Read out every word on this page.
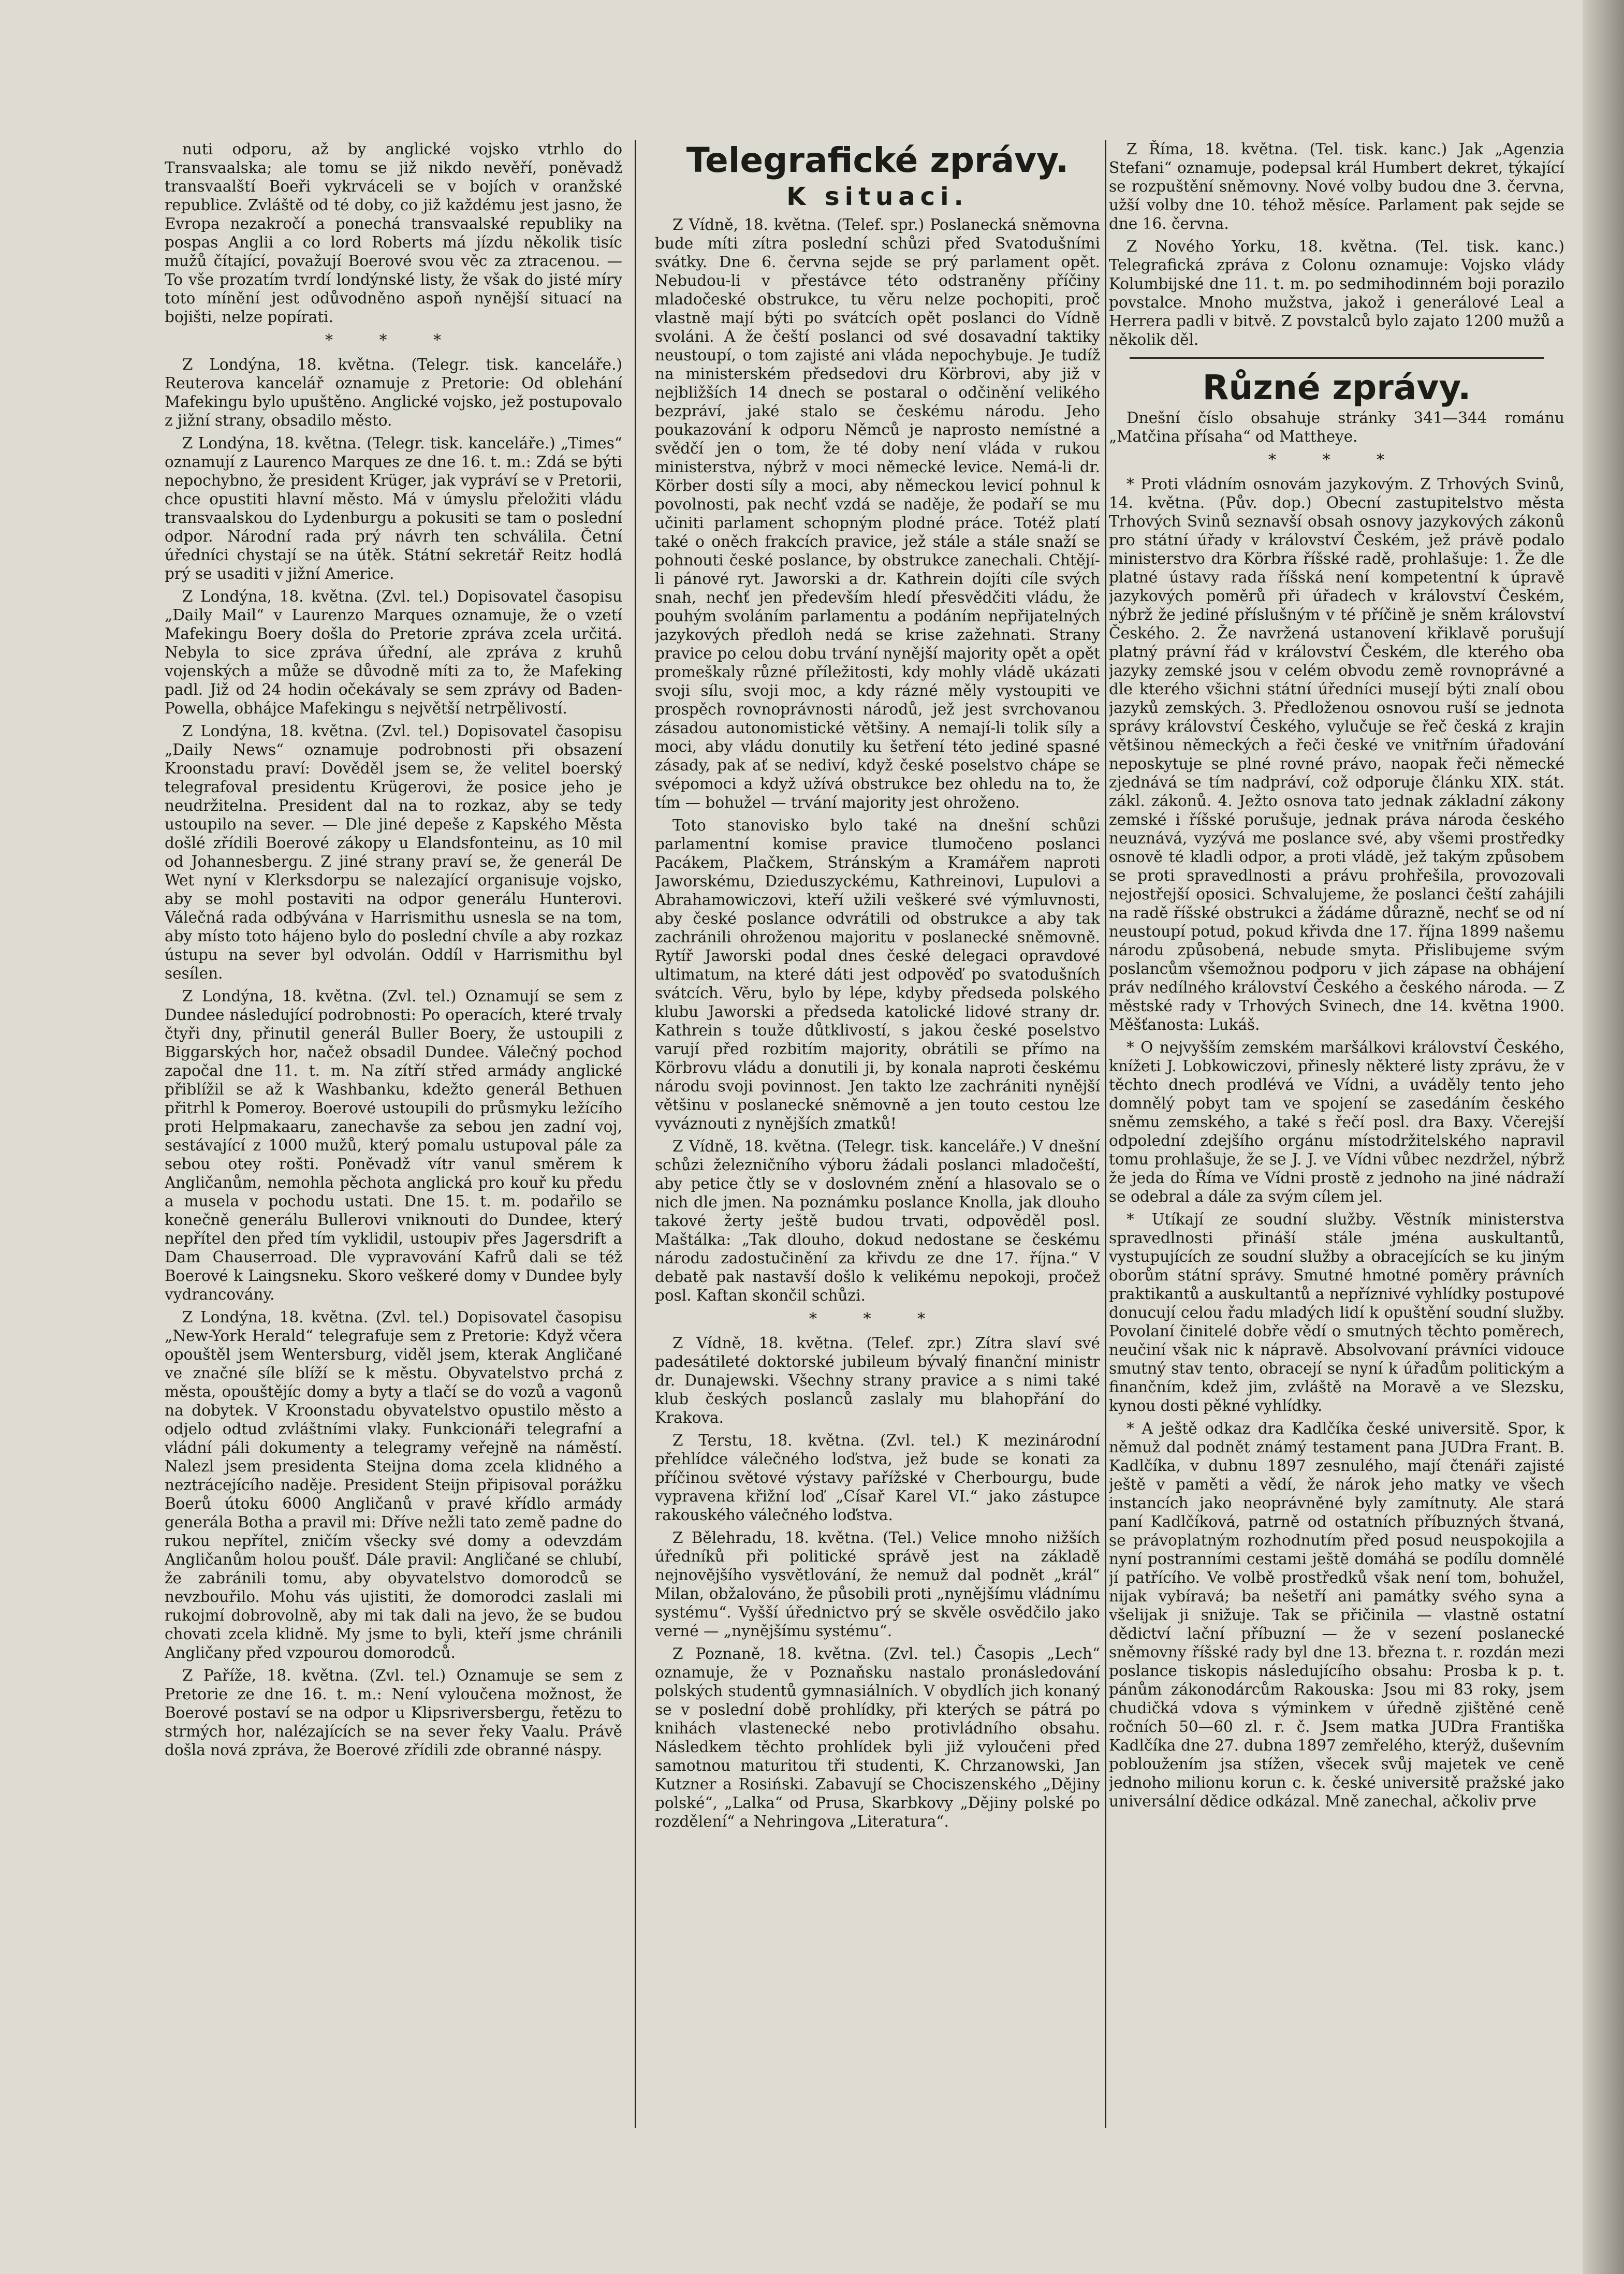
nuti odporu, až by anglické vojsko vtrhlo do Transvaalska; ale tomu se již nikdo nevěří, poněvadž transvaalští Boeři vykrváceli se v bojích v oranžské republice. Zvláště od té doby, co již každému jest jasno, že Evropa nezakročí a ponechá transvaalské republiky na pospas Anglii a co lord Roberts má jízdu několik tisíc mužů čítající, považují Boerové svou věc za ztracenou. — To vše prozatím tvrdí londýnské listy, že však do jisté míry toto mínění jest odůvodněno aspoň nynější situací na bojišti, nelze popírati.

* * *

Z Londýna, 18. května. (Telegr. tisk. kanceláře.) Reuterova kancelář oznamuje z Pretorie: Od oblehání Mafekingu bylo upuštěno. Anglické vojsko, jež postupovalo z jižní strany, obsadilo město.

Z Londýna, 18. května. (Telegr. tisk. kanceláře.) „Times“ oznamují z Laurenco Marques ze dne 16. t. m.: Zdá se býti nepochybno, že president Krüger, jak vypráví se v Pretorii, chce opustiti hlavní město. Má v úmyslu přeložiti vládu transvaalskou do Lydenburgu a pokusiti se tam o poslední odpor. Národní rada prý návrh ten schválila. Četní úředníci chystají se na útěk. Státní sekretář Reitz hodlá prý se usaditi v jižní Americe.

Z Londýna, 18. května. (Zvl. tel.) Dopisovatel časopisu „Daily Mail“ v Laurenzo Marques oznamuje, že o vzetí Mafekingu Boery došla do Pretorie zpráva zcela určitá. Nebyla to sice zpráva úřední, ale zpráva z kruhů vojenských a může se důvodně míti za to, že Mafeking padl. Již od 24 hodin očekávaly se sem zprávy od Baden-Powella, obhájce Mafekingu s největší netrpělivostí.

Z Londýna, 18. května. (Zvl. tel.) Dopisovatel časopisu „Daily News“ oznamuje podrobnosti při obsazení Kroonstadu praví: Dověděl jsem se, že velitel boerský telegrafoval presidentu Krügerovi, že posice jeho je neudržitelna. President dal na to rozkaz, aby se tedy ustoupilo na sever. — Dle jiné depeše z Kapského Města došlé zřídili Boerové zákopy u Elandsfonteinu, as 10 mil od Johannesbergu. Z jiné strany praví se, že generál De Wet nyní v Klerksdorpu se nalezající organisuje vojsko, aby se mohl postaviti na odpor generálu Hunterovi. Válečná rada odbývána v Harrismithu usnesla se na tom, aby místo toto hájeno bylo do poslední chvíle a aby rozkaz ústupu na sever byl odvolán. Oddíl v Harrismithu byl sesílen.

Z Londýna, 18. května. (Zvl. tel.) Oznamují se sem z Dundee následující podrobnosti: Po operacích, které trvaly čtyři dny, přinutil generál Buller Boery, že ustoupili z Biggarských hor, načež obsadil Dundee. Válečný pochod započal dne 11. t. m. Na zítří střed armády anglické přiblížil se až k Washbanku, kdežto generál Bethuen přitrhl k Pomeroy. Boerové ustoupili do průsmyku ležícího proti Helpmakaaru, zanechavše za sebou jen zadní voj, sestávající z 1000 mužů, který pomalu ustupoval pále za sebou otey rošti. Poněvadž vítr vanul směrem k Angličanům, nemohla pěchota anglická pro kouř ku předu a musela v pochodu ustati. Dne 15. t. m. podařilo se konečně generálu Bullerovi vniknouti do Dundee, který nepřítel den před tím vyklidil, ustoupiv přes Jagersdrift a Dam Chauserroad. Dle vypravování Kafrů dali se též Boerové k Laingsneku. Skoro veškeré domy v Dundee byly vydrancovány.

Z Londýna, 18. května. (Zvl. tel.) Dopisovatel časopisu „New-York Herald“ telegrafuje sem z Pretorie: Když včera opouštěl jsem Wentersburg, viděl jsem, kterak Angličané ve značné síle blíží se k městu. Obyvatelstvo prchá z města, opouštějíc domy a byty a tlačí se do vozů a vagonů na dobytek. V Kroonstadu obyvatelstvo opustilo město a odjelo odtud zvláštními vlaky. Funkcionáři telegrafní a vládní páli dokumenty a telegramy veřejně na náměstí. Nalezl jsem presidenta Steijna doma zcela klidného a neztrácejícího naděje. President Steijn připisoval porážku Boerů útoku 6000 Angličanů v pravé křídlo armády generála Botha a pravil mi: Dříve nežli tato země padne do rukou nepřítel, zničím všecky své domy a odevzdám Angličanům holou poušť. Dále pravil: Angličané se chlubí, že zabránili tomu, aby obyvatelstvo domorodců se nevzbouřilo. Mohu vás ujistiti, že domorodci zaslali mi rukojmí dobrovolně, aby mi tak dali na jevo, že se budou chovati zcela klidně. My jsme to byli, kteří jsme chránili Angličany před vzpourou domorodců.

Z Paříže, 18. května. (Zvl. tel.) Oznamuje se sem z Pretorie ze dne 16. t. m.: Není vyloučena možnost, že Boerové postaví se na odpor u Klipsriversbergu, řetězu to strmých hor, nalézajících se na sever řeky Vaalu. Právě došla nová zpráva, že Boerové zřídili zde obranné náspy.

Telegrafické zprávy.
K situaci.

Z Vídně, 18. května. (Telef. spr.) Poslanecká sněmovna bude míti zítra poslední schůzi před Svatodušními svátky. Dne 6. června sejde se prý parlament opět. Nebudou-li v přestávce této odstraněny příčiny mladočeské obstrukce, tu věru nelze pochopiti, proč vlastně mají býti po svátcích opět poslanci do Vídně svoláni. A že čeští poslanci od své dosavadní taktiky neustoupí, o tom zajisté ani vláda nepochybuje. Je tudíž na ministerském předsedovi dru Körbrovi, aby již v nejbližších 14 dnech se postaral o odčinění velikého bezpráví, jaké stalo se českému národu. Jeho poukazování k odporu Němců je naprosto nemístné a svědčí jen o tom, že té doby není vláda v rukou ministerstva, nýbrž v moci německé levice. Nemá-li dr. Körber dosti síly a moci, aby německou levicí pohnul k povolnosti, pak nechť vzdá se naděje, že podaří se mu učiniti parlament schopným plodné práce. Totéž platí také o oněch frakcích pravice, jež stále a stále snaží se pohnouti české poslance, by obstrukce zanechali. Chtějí-li pánové ryt. Jaworski a dr. Kathrein dojíti cíle svých snah, nechť jen především hledí přesvědčiti vládu, že pouhým svoláním parlamentu a podáním nepřijatelných jazykových předloh nedá se krise zažehnati. Strany pravice po celou dobu trvání nynější majority opět a opět promeškaly různé příležitosti, kdy mohly vládě ukázati svoji sílu, svoji moc, a kdy rázné měly vystoupiti ve prospěch rovnoprávnosti národů, jež jest svrchovanou zásadou autonomistické většiny. A nemají-li tolik síly a moci, aby vládu donutily ku šetření této jediné spasné zásady, pak ať se nediví, když české poselstvo chápe se svépomoci a když užívá obstrukce bez ohledu na to, že tím — bohužel — trvání majority jest ohroženo.

Toto stanovisko bylo také na dnešní schůzi parlamentní komise pravice tlumočeno poslanci Pacákem, Plačkem, Stránským a Kramářem naproti Jaworskému, Dzieduszyckému, Kathreinovi, Lupulovi a Abrahamowiczovi, kteří užili veškeré své výmluvnosti, aby české poslance odvrátili od obstrukce a aby tak zachránili ohroženou majoritu v poslanecké sněmovně. Rytíř Jaworski podal dnes české delegaci opravdové ultimatum, na které dáti jest odpověď po svatodušních svátcích. Věru, bylo by lépe, kdyby předseda polského klubu Jaworski a předseda katolické lidové strany dr. Kathrein s touže důtklivostí, s jakou české poselstvo varují před rozbitím majority, obrátili se přímo na Körbrovu vládu a donutili ji, by konala naproti českému národu svoji povinnost. Jen takto lze zachrániti nynější většinu v poslanecké sněmovně a jen touto cestou lze vyváznouti z nynějších zmatků!

Z Vídně, 18. května. (Telegr. tisk. kanceláře.) V dnešní schůzi železničního výboru žádali poslanci mladočeští, aby petice čtly se v doslovném znění a hlasovalo se o nich dle jmen. Na poznámku poslance Knolla, jak dlouho takové žerty ještě budou trvati, odpověděl posl. Maštálka: „Tak dlouho, dokud nedostane se českému národu zadostučinění za křivdu ze dne 17. října.“ V debatě pak nastavší došlo k velikému nepokoji, pročež posl. Kaftan skončil schůzi.

* * *

Z Vídně, 18. května. (Telef. zpr.) Zítra slaví své padesátileté doktorské jubileum bývalý finanční ministr dr. Dunajewski. Všechny strany pravice a s nimi také klub českých poslanců zaslaly mu blahopřání do Krakova.

Z Terstu, 18. května. (Zvl. tel.) K mezinárodní přehlídce válečného loďstva, jež bude se konati za příčinou světové výstavy pařížské v Cherbourgu, bude vypravena křižní loď „Císař Karel VI.“ jako zástupce rakouského válečného loďstva.

Z Bělehradu, 18. května. (Tel.) Velice mnoho nižších úředníků při politické správě jest na základě nejnovějšího vysvětlování, že nemuž dal podnět „král“ Milan, obžalováno, že působili proti „nynějšímu vládnímu systému“. Vyšší úřednictvo prý se skvěle osvědčilo jako verné — „nynějšímu systému“.

Z Poznaně, 18. května. (Zvl. tel.) Časopis „Lech“ oznamuje, že v Poznaňsku nastalo pronásledování polských studentů gymnasiálních. V obydlích jich konaný se v poslední době prohlídky, při kterých se pátrá po knihách vlastenecké nebo protivládního obsahu. Následkem těchto prohlídek byli již vyloučeni před samotnou maturitou tři studenti, K. Chrzanowski, Jan Kutzner a Rosiński. Zabavují se Chociszenského „Dějiny polské“, „Lalka“ od Prusa, Skarbkovy „Dějiny polské po rozdělení“ a Nehringova „Literatura“.

Z Říma, 18. května. (Tel. tisk. kanc.) Jak „Agenzia Stefani“ oznamuje, podepsal král Humbert dekret, týkající se rozpuštění sněmovny. Nové volby budou dne 3. června, užší volby dne 10. téhož měsíce. Parlament pak sejde se dne 16. června.

Z Nového Yorku, 18. května. (Tel. tisk. kanc.) Telegrafická zpráva z Colonu oznamuje: Vojsko vlády Kolumbijské dne 11. t. m. po sedmihodinném boji porazilo povstalce. Mnoho mužstva, jakož i generálové Leal a Herrera padli v bitvě. Z povstalců bylo zajato 1200 mužů a několik děl.

Různé zprávy.

Dnešní číslo obsahuje stránky 341—344 románu „Matčina přísaha“ od Mattheye.

* * *

* Proti vládním osnovám jazykovým. Z Trhových Svinů, 14. května. (Pův. dop.) Obecní zastupitelstvo města Trhových Svinů seznavší obsah osnovy jazykových zákonů pro státní úřady v království Českém, jež právě podalo ministerstvo dra Körbra říšské radě, prohlašuje: 1. Že dle platné ústavy rada říšská není kompetentní k úpravě jazykových poměrů při úřadech v království Českém, nýbrž že jediné příslušným v té příčině je sněm království Českého. 2. Že navržená ustanovení křiklavě porušují platný právní řád v království Českém, dle kterého oba jazyky zemské jsou v celém obvodu země rovnoprávné a dle kterého všichni státní úředníci musejí býti znalí obou jazyků zemských. 3. Předloženou osnovou ruší se jednota správy království Českého, vylučuje se řeč česká z krajin většinou německých a řeči české ve vnitřním úřadování neposkytuje se plné rovné právo, naopak řeči německé zjednává se tím nadpráví, což odporuje článku XIX. stát. zákl. zákonů. 4. Ježto osnova tato jednak základní zákony zemské i říšské porušuje, jednak práva národa českého neuznává, vyzývá me poslance své, aby všemi prostředky osnově té kladli odpor, a proti vládě, jež takým způsobem se proti spravedlnosti a právu prohřešila, provozovali nejostřejší oposici. Schvalujeme, že poslanci čeští zahájili na radě říšské obstrukci a žádáme důrazně, nechť se od ní neustoupí potud, pokud křivda dne 17. října 1899 našemu národu způsobená, nebude smyta. Přislibujeme svým poslancům všemožnou podporu v jich zápase na obhájení práv nedílného království Českého a českého národa. — Z městské rady v Trhových Svinech, dne 14. května 1900. Měšťanosta: Lukáš.

* O nejvyšším zemském maršálkovi království Českého, knížeti J. Lobkowiczovi, přinesly některé listy zprávu, že v těchto dnech prodlévá ve Vídni, a uváděly tento jeho domnělý pobyt tam ve spojení se zasedáním českého sněmu zemského, a také s řečí posl. dra Baxy. Včerejší odpolední zdejšího orgánu místodržitelského napravil tomu prohlašuje, že se J. J. ve Vídni vůbec nezdržel, nýbrž že jeda do Říma ve Vídni prostě z jednoho na jiné nádraží se odebral a dále za svým cílem jel.

* Utíkají ze soudní služby. Věstník ministerstva spravedlnosti přináší stále jména auskultantů, vystupujících ze soudní služby a obracejících se ku jiným oborům státní správy. Smutné hmotné poměry právních praktikantů a auskultantů a nepříznivé vyhlídky postupové donucují celou řadu mladých lidí k opuštění soudní služby. Povolaní činitelé dobře vědí o smutných těchto poměrech, neučiní však nic k nápravě. Absolvovaní právníci vidouce smutný stav tento, obracejí se nyní k úřadům politickým a finančním, kdež jim, zvláště na Moravě a ve Slezsku, kynou dosti pěkné vyhlídky.

* A ještě odkaz dra Kadlčíka české universitě. Spor, k němuž dal podnět známý testament pana JUDra Frant. B. Kadlčíka, v dubnu 1897 zesnulého, mají čtenáři zajisté ještě v paměti a vědí, že nárok jeho matky ve všech instancích jako neoprávněné byly zamítnuty. Ale stará paní Kadlčíková, patrně od ostatních příbuzných štvaná, se právoplatným rozhodnutím před posud neuspokojila a nyní postranními cestami ještě domáhá se podílu domnělé jí patřícího. Ve volbě prostředků však není tom, bohužel, nijak vybíravá; ba nešetří ani památky svého syna a všelijak ji snižuje. Tak se přičinila — vlastně ostatní dědictví lační příbuzní — že v sezení poslanecké sněmovny říšské rady byl dne 13. března t. r. rozdán mezi poslance tiskopis následujícího obsahu: Prosba k p. t. pánům zákonodárcům Rakouska: Jsou mi 83 roky, jsem chudičká vdova s výminkem v úředně zjištěné ceně ročních 50—60 zl. r. č. Jsem matka JUDra Františka Kadlčíka dne 27. dubna 1897 zemřelého, kterýž, duševním pobloužením jsa stížen, všecek svůj majetek ve ceně jednoho milionu korun c. k. české universitě pražské jako universální dědice odkázal. Mně zanechal, ačkoliv prve
